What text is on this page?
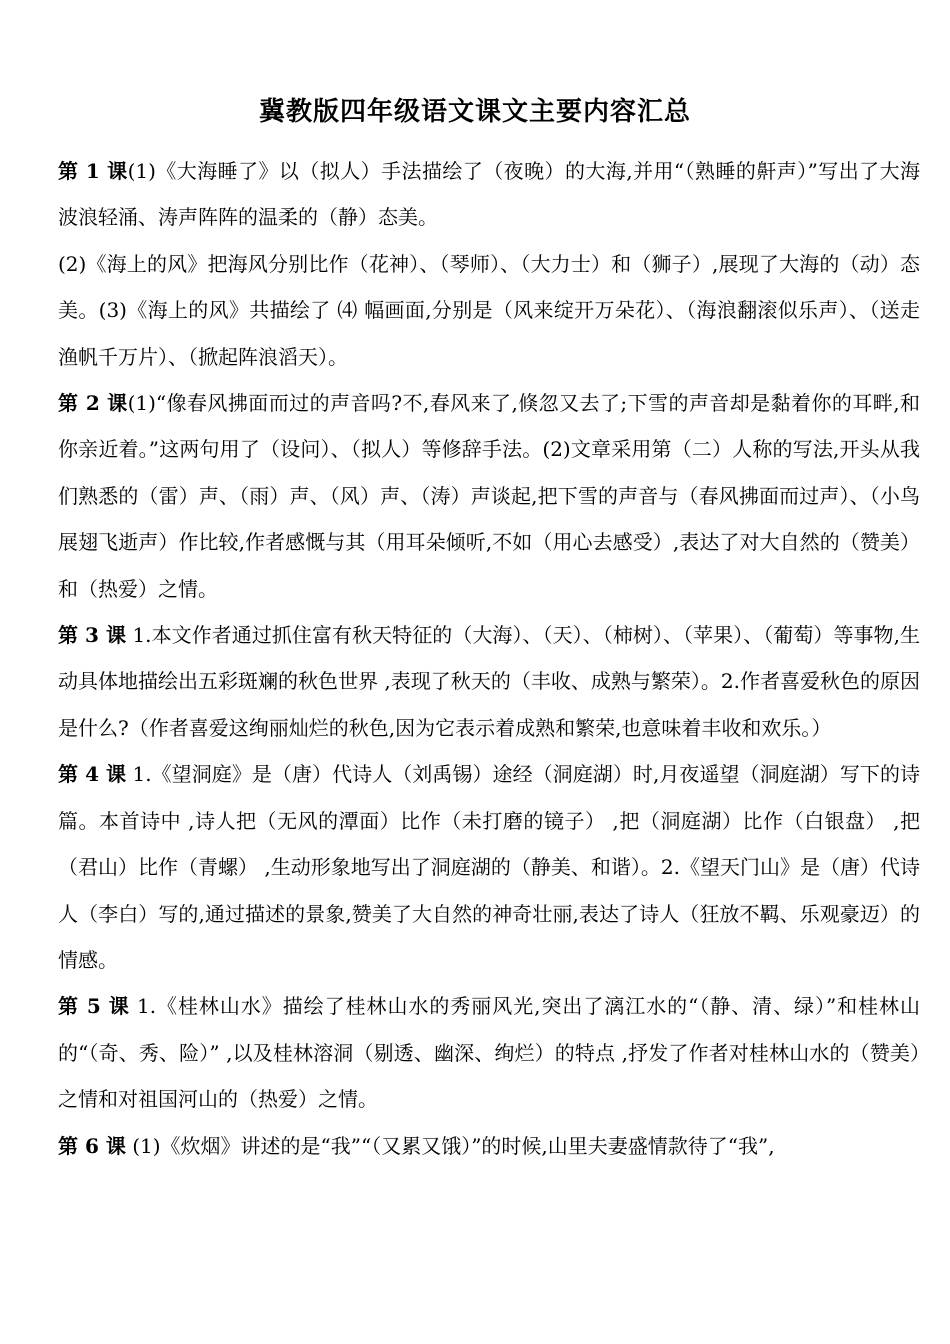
冀教版四年级语文课文主要内容汇总

第 1 课(1)《大海睡了》以（拟人）手法描绘了（夜晚）的大海,并用“（熟睡的鼾声）”写出了大海波浪轻涌、涛声阵阵的温柔的（静）态美。

(2)《海上的风》把海风分别比作（花神）、（琴师）、（大力士）和（狮子）,展现了大海的（动）态美。(3)《海上的风》共描绘了 ⑷ 幅画面,分别是（风来绽开万朵花）、（海浪翻滚似乐声）、（送走渔帆千万片）、（掀起阵浪滔天）。

第 2 课(1)“像春风拂面而过的声音吗?不,春风来了,倏忽又去了;下雪的声音却是黏着你的耳畔,和你亲近着。”这两句用了（设问）、（拟人）等修辞手法。(2)文章采用第（二）人称的写法,开头从我们熟悉的（雷）声、（雨）声、（风）声、（涛）声谈起,把下雪的声音与（春风拂面而过声）、（小鸟展翅飞逝声）作比较,作者感慨与其（用耳朵倾听,不如（用心去感受）,表达了对大自然的（赞美）和（热爱）之情。

第 3 课 1.本文作者通过抓住富有秋天特征的（大海）、（天）、（柿树）、（苹果）、（葡萄）等事物,生动具体地描绘出五彩斑斓的秋色世界 ,表现了秋天的（丰收、成熟与繁荣）。2.作者喜爱秋色的原因是什么?（作者喜爱这绚丽灿烂的秋色,因为它表示着成熟和繁荣,也意味着丰收和欢乐。）

第 4 课 1.《望洞庭》是（唐）代诗人（刘禹锡）途经（洞庭湖）时,月夜遥望（洞庭湖）写下的诗篇。本首诗中 ,诗人把（无风的潭面）比作（未打磨的镜子） ,把（洞庭湖）比作（白银盘） ,把（君山）比作（青螺） ,生动形象地写出了洞庭湖的（静美、和谐）。2.《望天门山》是（唐）代诗人（李白）写的,通过描述的景象,赞美了大自然的神奇壮丽,表达了诗人（狂放不羁、乐观豪迈）的情感。

第 5 课 1.《桂林山水》描绘了桂林山水的秀丽风光,突出了漓江水的“（静、清、绿）”和桂林山的“（奇、秀、险）” ,以及桂林溶洞（剔透、幽深、绚烂）的特点 ,抒发了作者对桂林山水的（赞美）之情和对祖国河山的（热爱）之情。

第 6 课 (1)《炊烟》讲述的是“我”“（又累又饿）”的时候,山里夫妻盛情款待了“我”,
